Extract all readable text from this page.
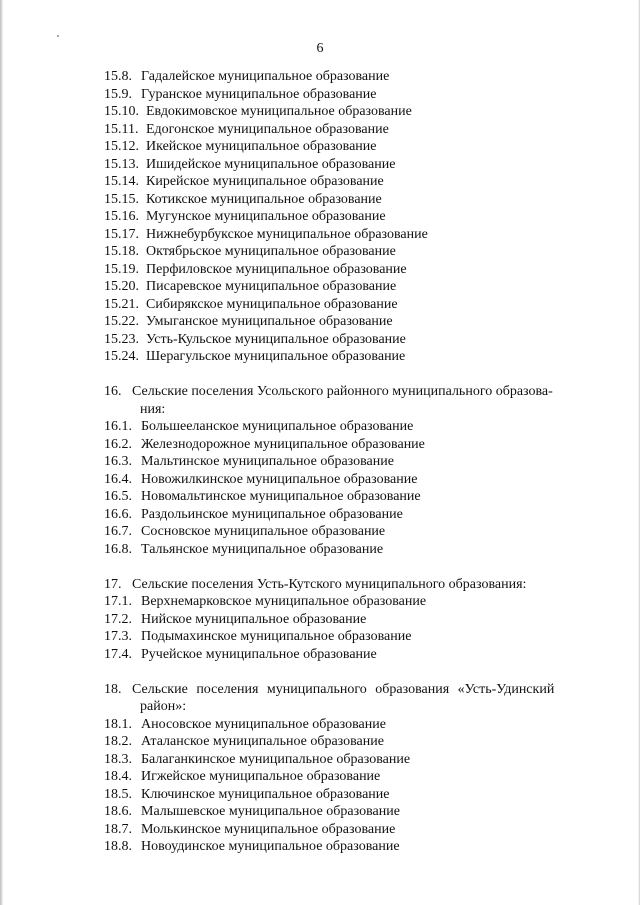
6
15.8. Гадалейское муниципальное образование
15.9. Гуранское муниципальное образование
15.10. Евдокимовское муниципальное образование
15.11. Едогонское муниципальное образование
15.12. Икейское муниципальное образование
15.13. Ишидейское муниципальное образование
15.14. Кирейское муниципальное образование
15.15. Котикское муниципальное образование
15.16. Мугунское муниципальное образование
15.17. Нижнебурбукское муниципальное образование
15.18. Октябрьское муниципальное образование
15.19. Перфиловское муниципальное образование
15.20. Писаревское муниципальное образование
15.21. Сибирякское муниципальное образование
15.22. Умыганское муниципальное образование
15.23. Усть-Кульское муниципальное образование
15.24. Шерагульское муниципальное образование
16. Сельские поселения Усольского районного муниципального образова-
ния:
16.1. Большееланское муниципальное образование
16.2. Железнодорожное муниципальное образование
16.3. Мальтинское муниципальное образование
16.4. Новожилкинское муниципальное образование
16.5. Новомальтинское муниципальное образование
16.6. Раздольинское муниципальное образование
16.7. Сосновское муниципальное образование
16.8. Тальянское муниципальное образование
17. Сельские поселения Усть-Кутского муниципального образования:
17.1. Верхнемарковское муниципальное образование
17.2. Нийское муниципальное образование
17.3. Подымахинское муниципальное образование
17.4. Ручейское муниципальное образование
18. Сельские поселения муниципального образования «Усть-Удинский
район»:
18.1. Аносовское муниципальное образование
18.2. Аталанское муниципальное образование
18.3. Балаганкинское муниципальное образование
18.4. Игжейское муниципальное образование
18.5. Ключинское муниципальное образование
18.6. Малышевское муниципальное образование
18.7. Молькинское муниципальное образование
18.8. Новоудинское муниципальное образование
